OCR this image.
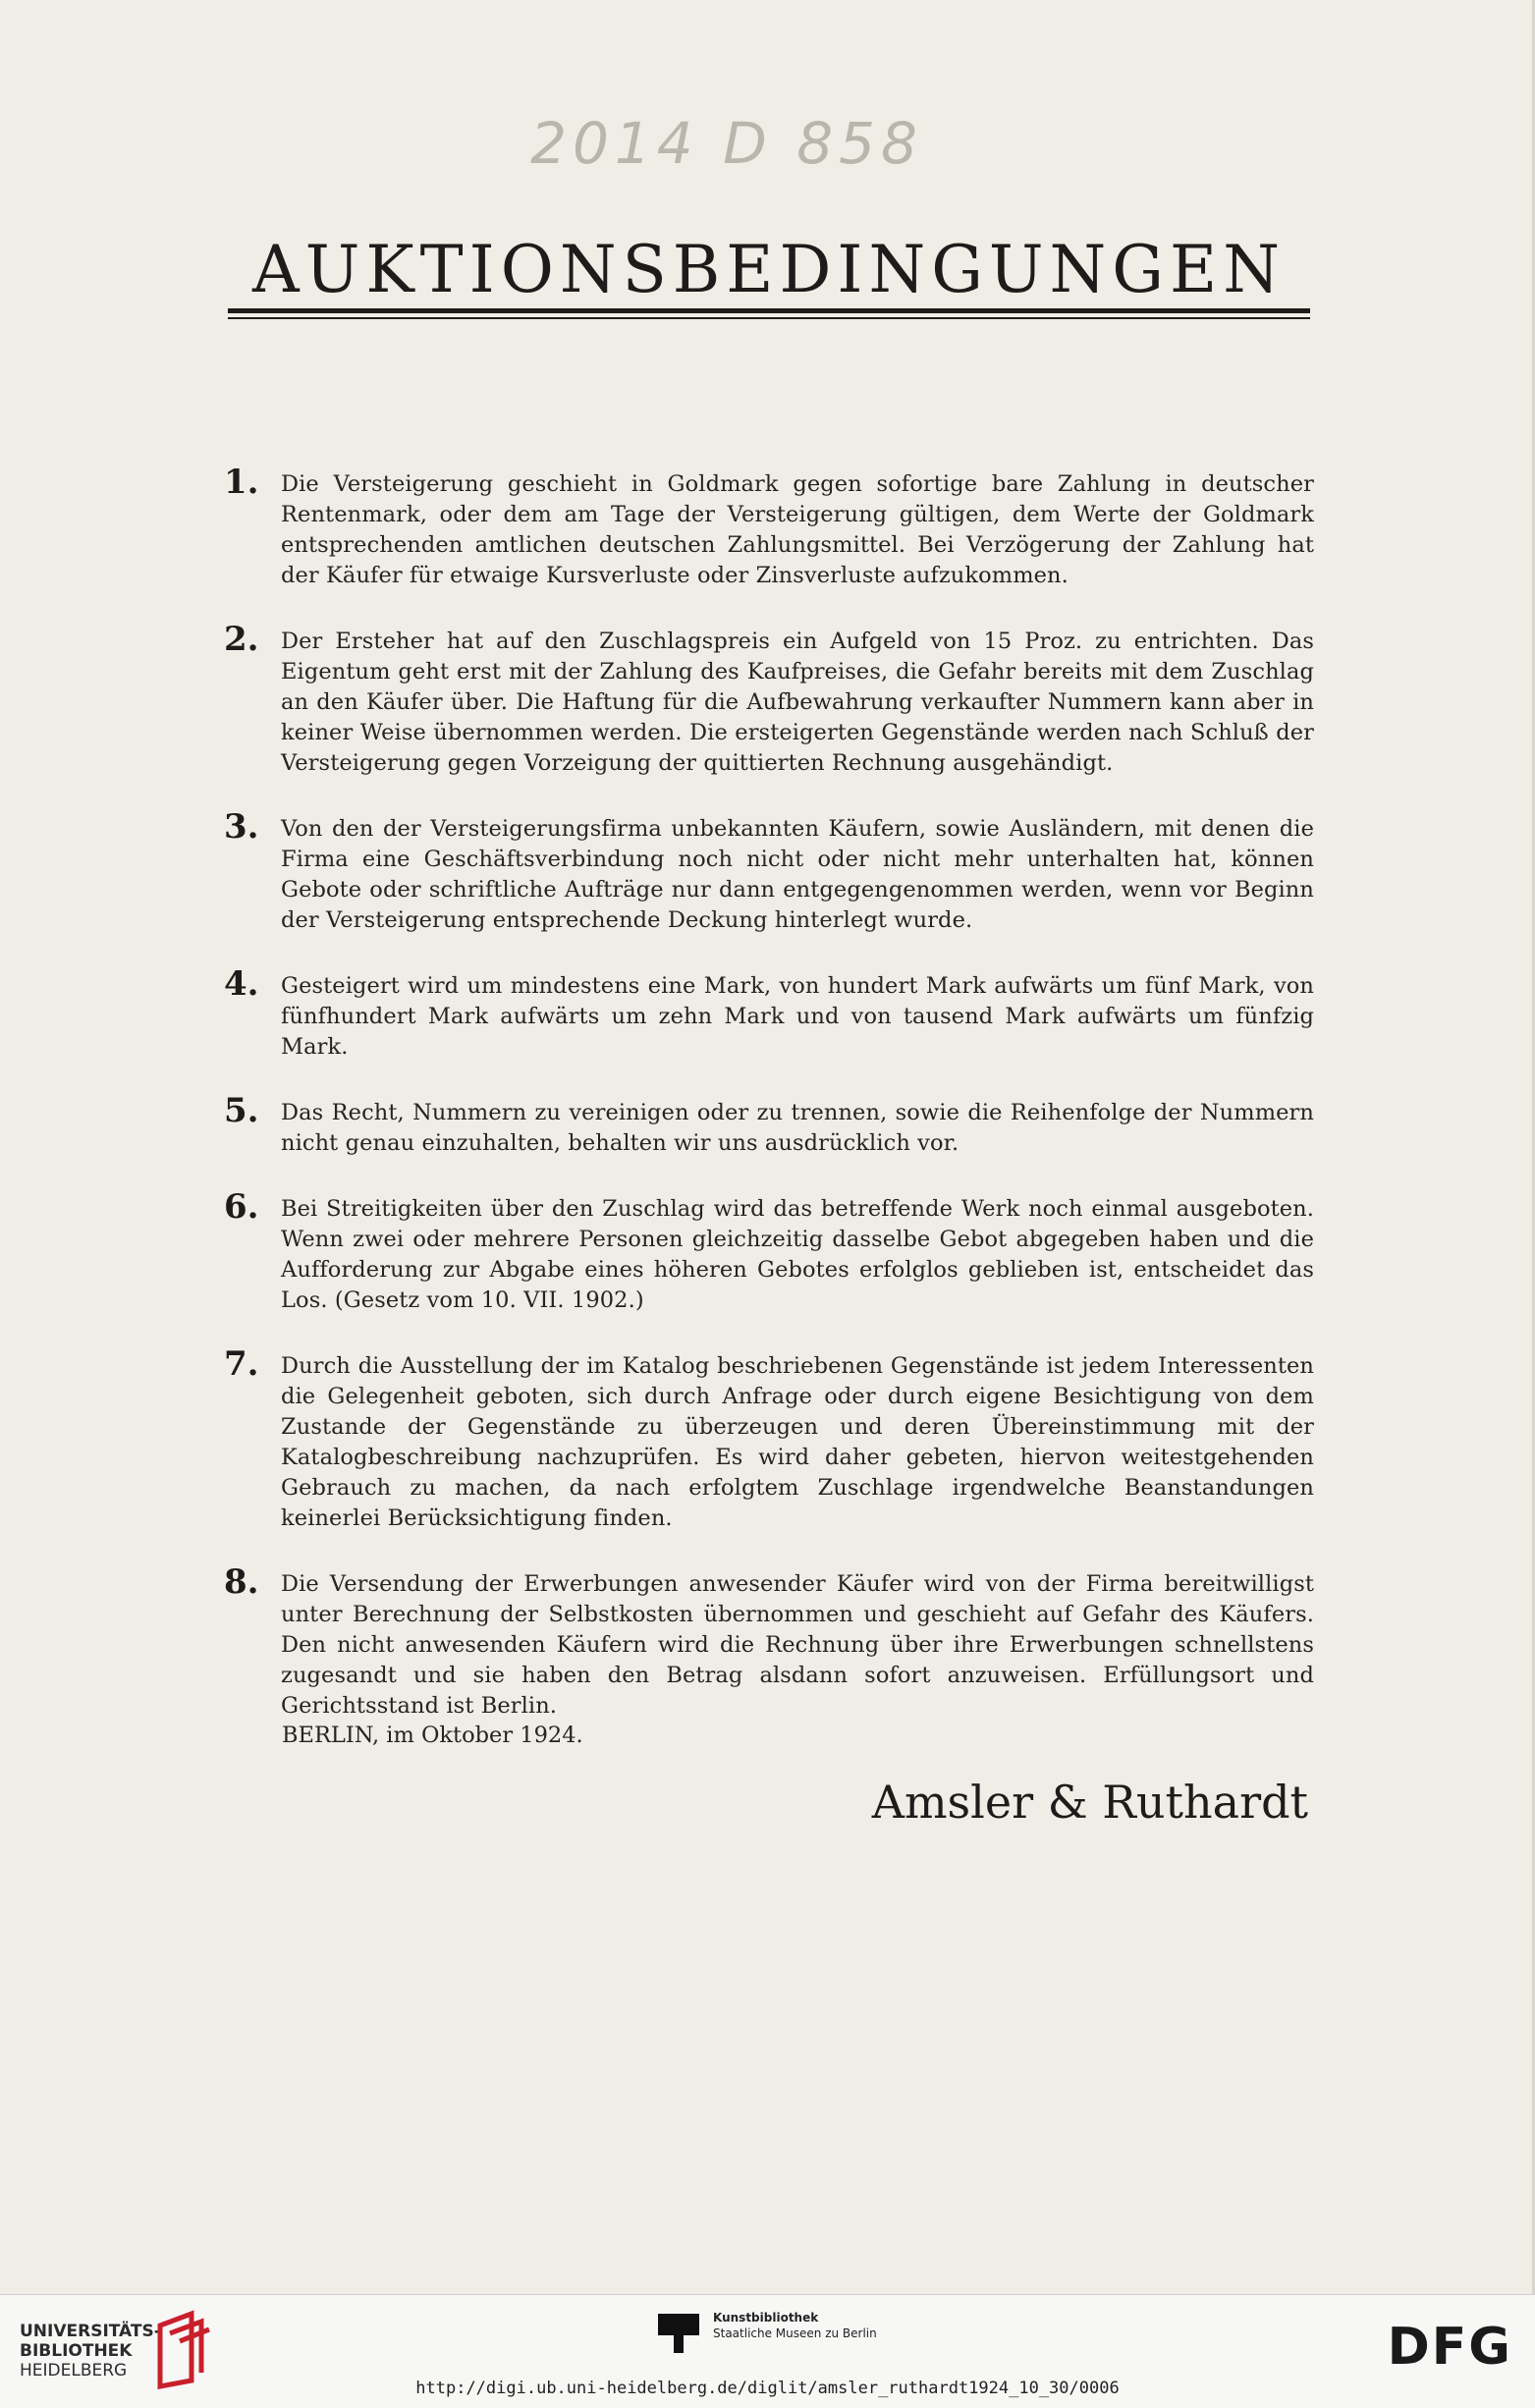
2014 D 858
AUKTIONSBEDINGUNGEN
1.	Die Versteigerung geschieht in Goldmark gegen sofortige bare Zahlung in deutscher Rentenmark, oder dem am Tage der Versteigerung gültigen, dem Werte der Goldmark entsprechenden amtlichen deutschen Zahlungsmittel. Bei Verzögerung der Zahlung hat der Käufer für etwaige Kursverluste oder Zinsverluste aufzukommen.

2.	Der Ersteher hat auf den Zuschlagspreis ein Aufgeld von 15 Proz. zu entrichten. Das Eigentum geht erst mit der Zahlung des Kaufpreises, die Gefahr bereits mit dem Zuschlag an den Käufer über. Die Haftung für die Aufbewahrung verkaufter Nummern kann aber in keiner Weise übernommen werden. Die ersteigerten Gegenstände werden nach Schluß der Versteigerung gegen Vorzeigung der quittierten Rechnung ausgehändigt.

3.	Von den der Versteigerungsfirma unbekannten Käufern, sowie Ausländern, mit denen die Firma eine Geschäftsverbindung noch nicht oder nicht mehr unterhalten hat, können Gebote oder schriftliche Aufträge nur dann entgegengenommen werden, wenn vor Beginn der Versteigerung entsprechende Deckung hinterlegt wurde.

4.	Gesteigert wird um mindestens eine Mark, von hundert Mark aufwärts um fünf Mark, von fünfhundert Mark aufwärts um zehn Mark und von tausend Mark aufwärts um fünfzig Mark.

5.	Das Recht, Nummern zu vereinigen oder zu trennen, sowie die Reihenfolge der Nummern nicht genau einzuhalten, behalten wir uns ausdrücklich vor.

6.	Bei Streitigkeiten über den Zuschlag wird das betreffende Werk noch einmal ausgeboten. Wenn zwei oder mehrere Personen gleichzeitig dasselbe Gebot abgegeben haben und die Aufforderung zur Abgabe eines höheren Gebotes erfolglos geblieben ist, entscheidet das Los. (Gesetz vom 10. VII. 1902.)

7.	Durch die Ausstellung der im Katalog beschriebenen Gegenstände ist jedem Interessenten die Gelegenheit geboten, sich durch Anfrage oder durch eigene Besichtigung von dem Zustande der Gegenstände zu überzeugen und deren Übereinstimmung mit der Katalogbeschreibung nachzuprüfen. Es wird daher gebeten, hiervon weitestgehenden Gebrauch zu machen, da nach erfolgtem Zuschlage irgendwelche Beanstandungen keinerlei Berücksichtigung finden.

8.	Die Versendung der Erwerbungen anwesender Käufer wird von der Firma bereitwilligst unter Berechnung der Selbstkosten übernommen und geschieht auf Gefahr des Käufers. Den nicht anwesenden Käufern wird die Rechnung über ihre Erwerbungen schnellstens zugesandt und sie haben den Betrag alsdann sofort anzuweisen. Erfüllungsort und Gerichtsstand ist Berlin.

BERLIN, im Oktober 1924.
Amsler & Ruthardt
UNIVERSITÄTS-
BIBLIOTHEK
HEIDELBERG
Kunstbibliothek
Staatliche Museen zu Berlin	DFG
http://digi.ub.uni-heidelberg.de/diglit/amsler_ruthardt1924_10_30/0006
